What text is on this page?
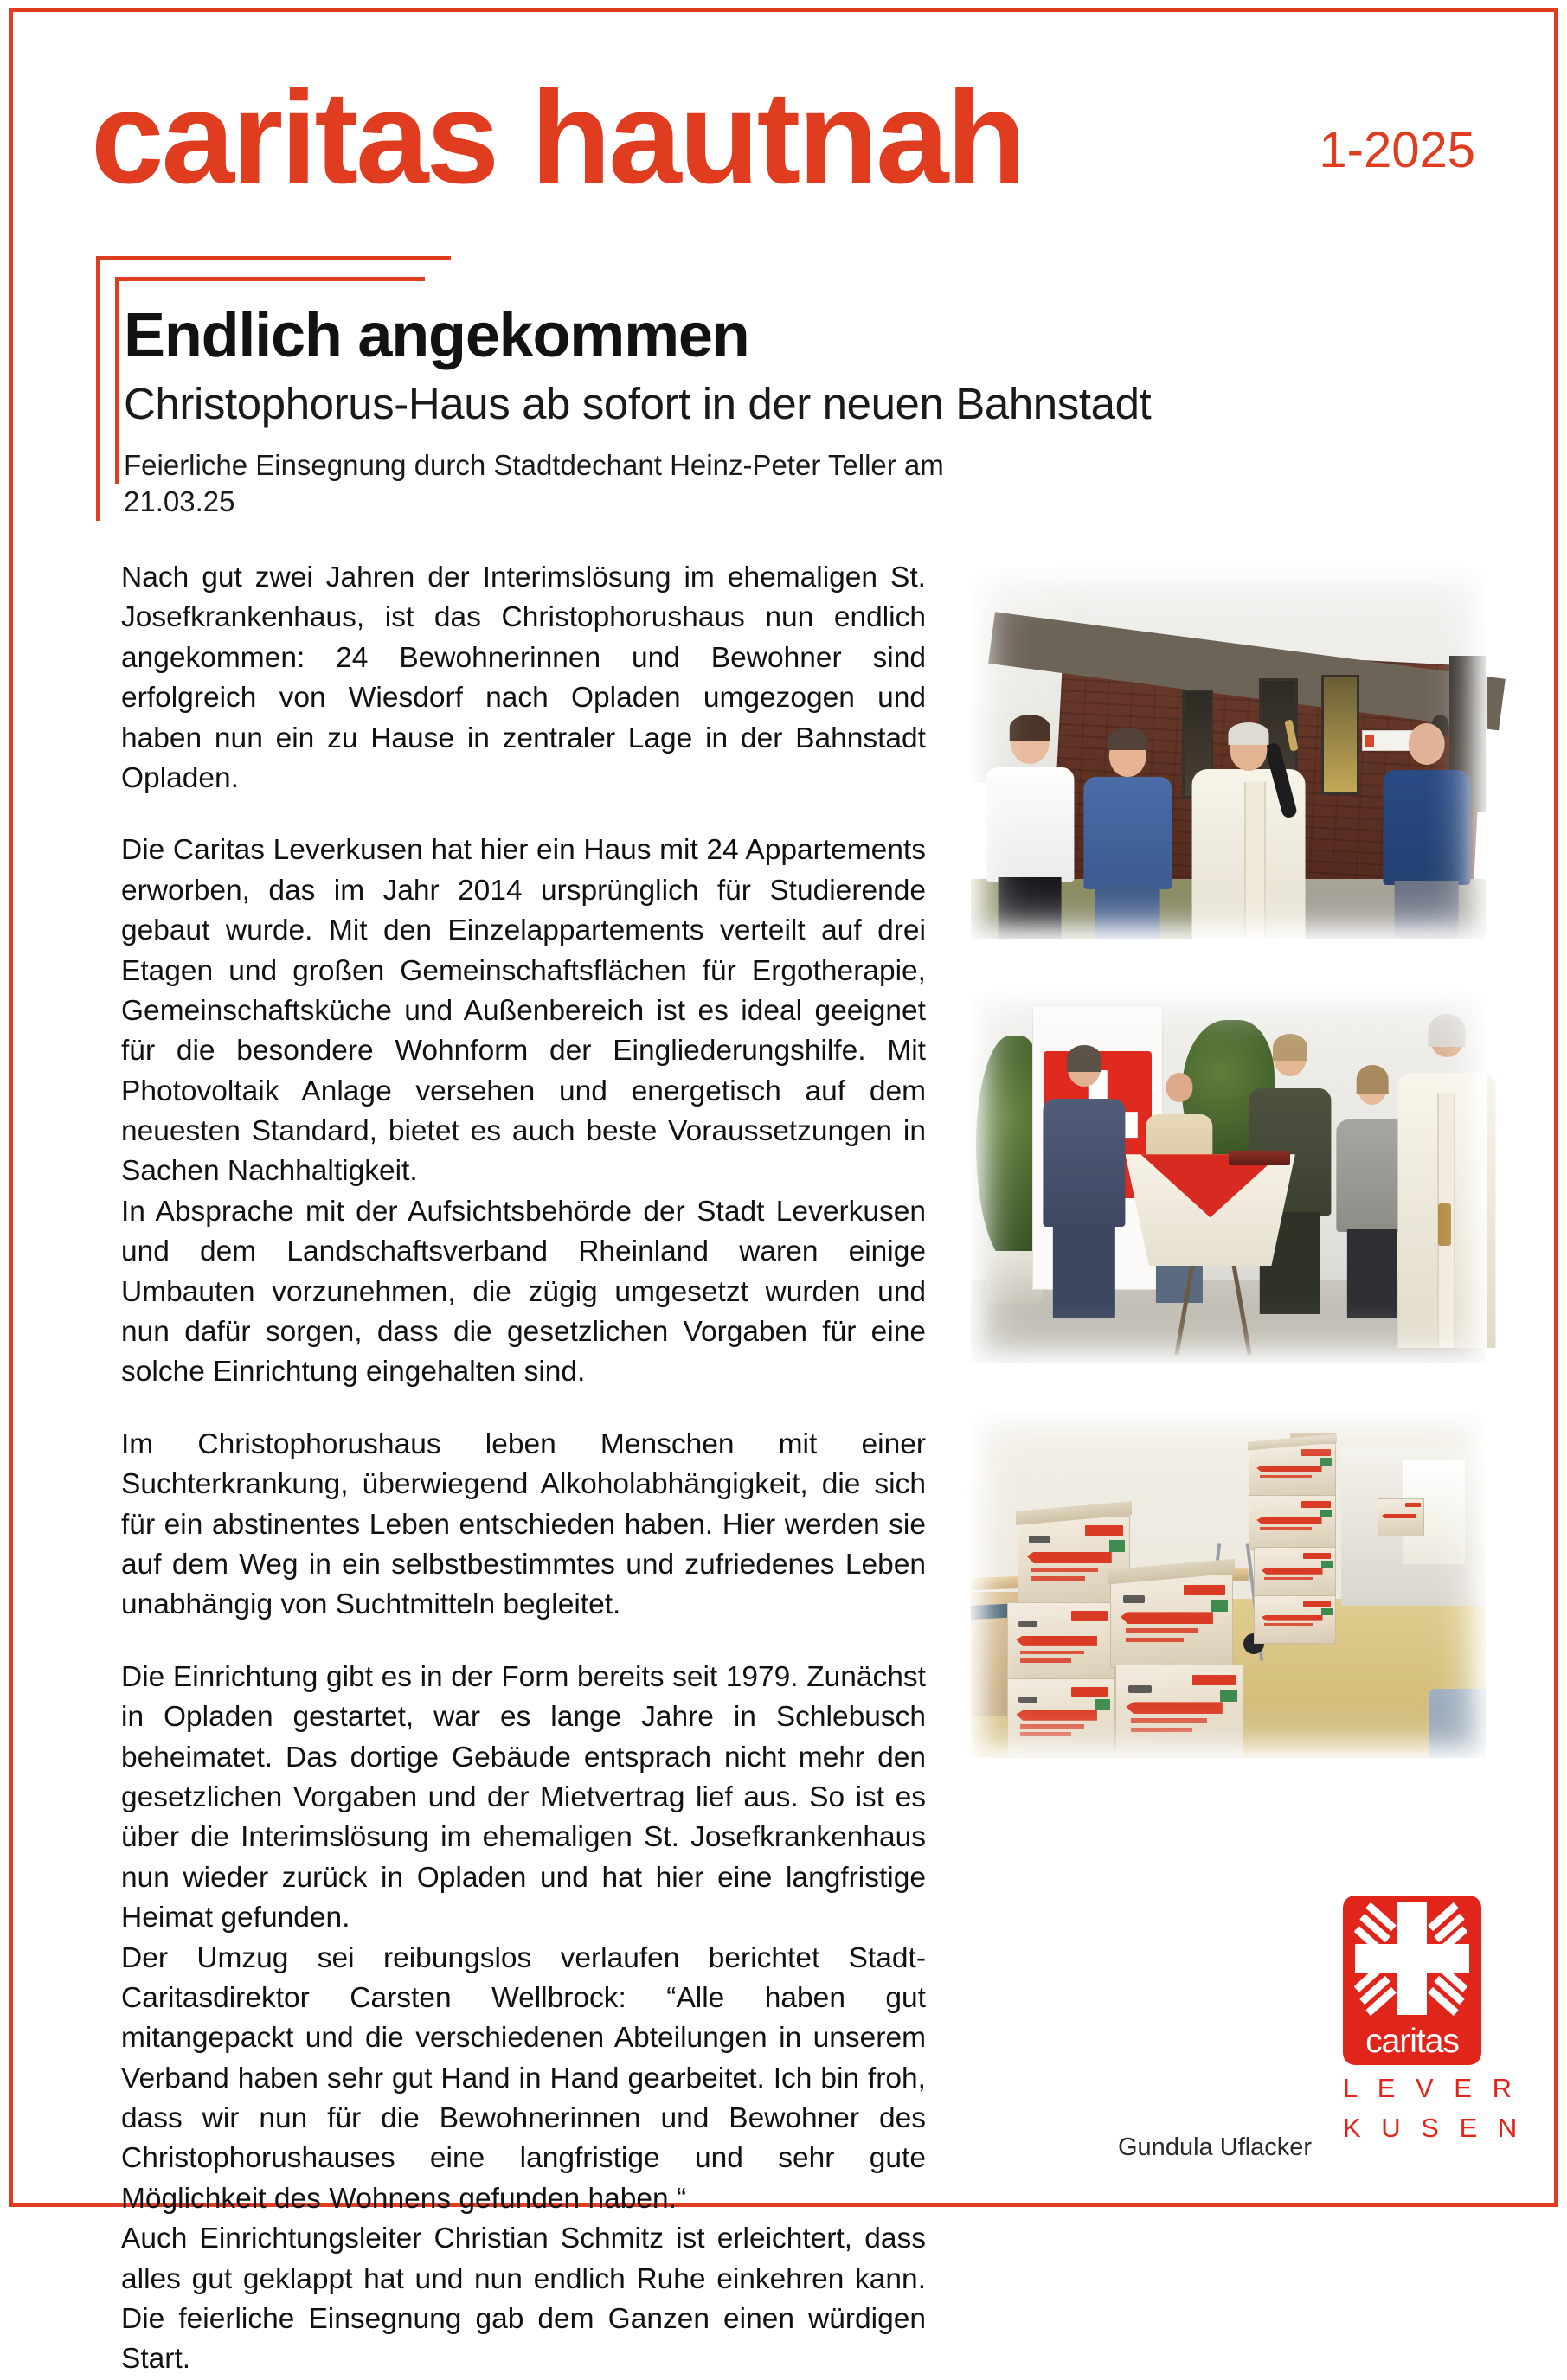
caritas hautnah	1-2025
Endlich angekommen
Christophorus-Haus ab sofort in der neuen Bahnstadt

Feierliche Einsegnung durch Stadtdechant Heinz-Peter Teller am 21.03.25

Nach gut zwei Jahren der Interimslösung im ehemaligen St. Josefkrankenhaus, ist das Christophorushaus nun endlich angekommen: 24 Bewohnerinnen und Bewohner sind erfolgreich von Wiesdorf nach Opladen umgezogen und haben nun ein zu Hause in zentraler Lage in der Bahnstadt Opladen.

Die Caritas Leverkusen hat hier ein Haus mit 24 Appartements erworben, das im Jahr 2014 ursprünglich für Studierende gebaut wurde. Mit den Einzelappartements verteilt auf drei Etagen und großen Gemeinschaftsflächen für Ergotherapie, Gemeinschaftsküche und Außenbereich ist es ideal geeignet für die besondere Wohnform der Eingliederungshilfe. Mit Photovoltaik Anlage versehen und energetisch auf dem neuesten Standard, bietet es auch beste Voraussetzungen in Sachen Nachhaltigkeit.

In Absprache mit der Aufsichtsbehörde der Stadt Leverkusen und dem Landschaftsverband Rheinland waren einige Umbauten vorzunehmen, die zügig umgesetzt wurden und nun dafür sorgen, dass die gesetzlichen Vorgaben für eine solche Einrichtung eingehalten sind.

Im Christophorushaus leben Menschen mit einer Suchterkrankung, überwiegend Alkoholabhängigkeit, die sich für ein abstinentes Leben entschieden haben. Hier werden sie auf dem Weg in ein selbstbestimmtes und zufriedenes Leben unabhängig von Suchtmitteln begleitet.

Die Einrichtung gibt es in der Form bereits seit 1979. Zunächst in Opladen gestartet, war es lange Jahre in Schlebusch beheimatet. Das dortige Gebäude entsprach nicht mehr den gesetzlichen Vorgaben und der Mietvertrag lief aus. So ist es über die Interimslösung im ehemaligen St. Josefkrankenhaus nun wieder zurück in Opladen und hat hier eine langfristige Heimat gefunden.

Der Umzug sei reibungslos verlaufen berichtet Stadt-Caritasdirektor Carsten Wellbrock: “Alle haben gut mitangepackt und die verschiedenen Abteilungen in unserem Verband haben sehr gut Hand in Hand gearbeitet. Ich bin froh, dass wir nun für die Bewohnerinnen und Bewohner des Christophorushauses eine langfristige und sehr gute Möglichkeit des Wohnens gefunden haben.“

Auch Einrichtungsleiter Christian Schmitz ist erleichtert, dass alles gut geklappt hat und nun endlich Ruhe einkehren kann. Die feierliche Einsegnung gab dem Ganzen einen würdigen Start.

Gundula Uflacker
caritas
L E V E R
K U S E N
